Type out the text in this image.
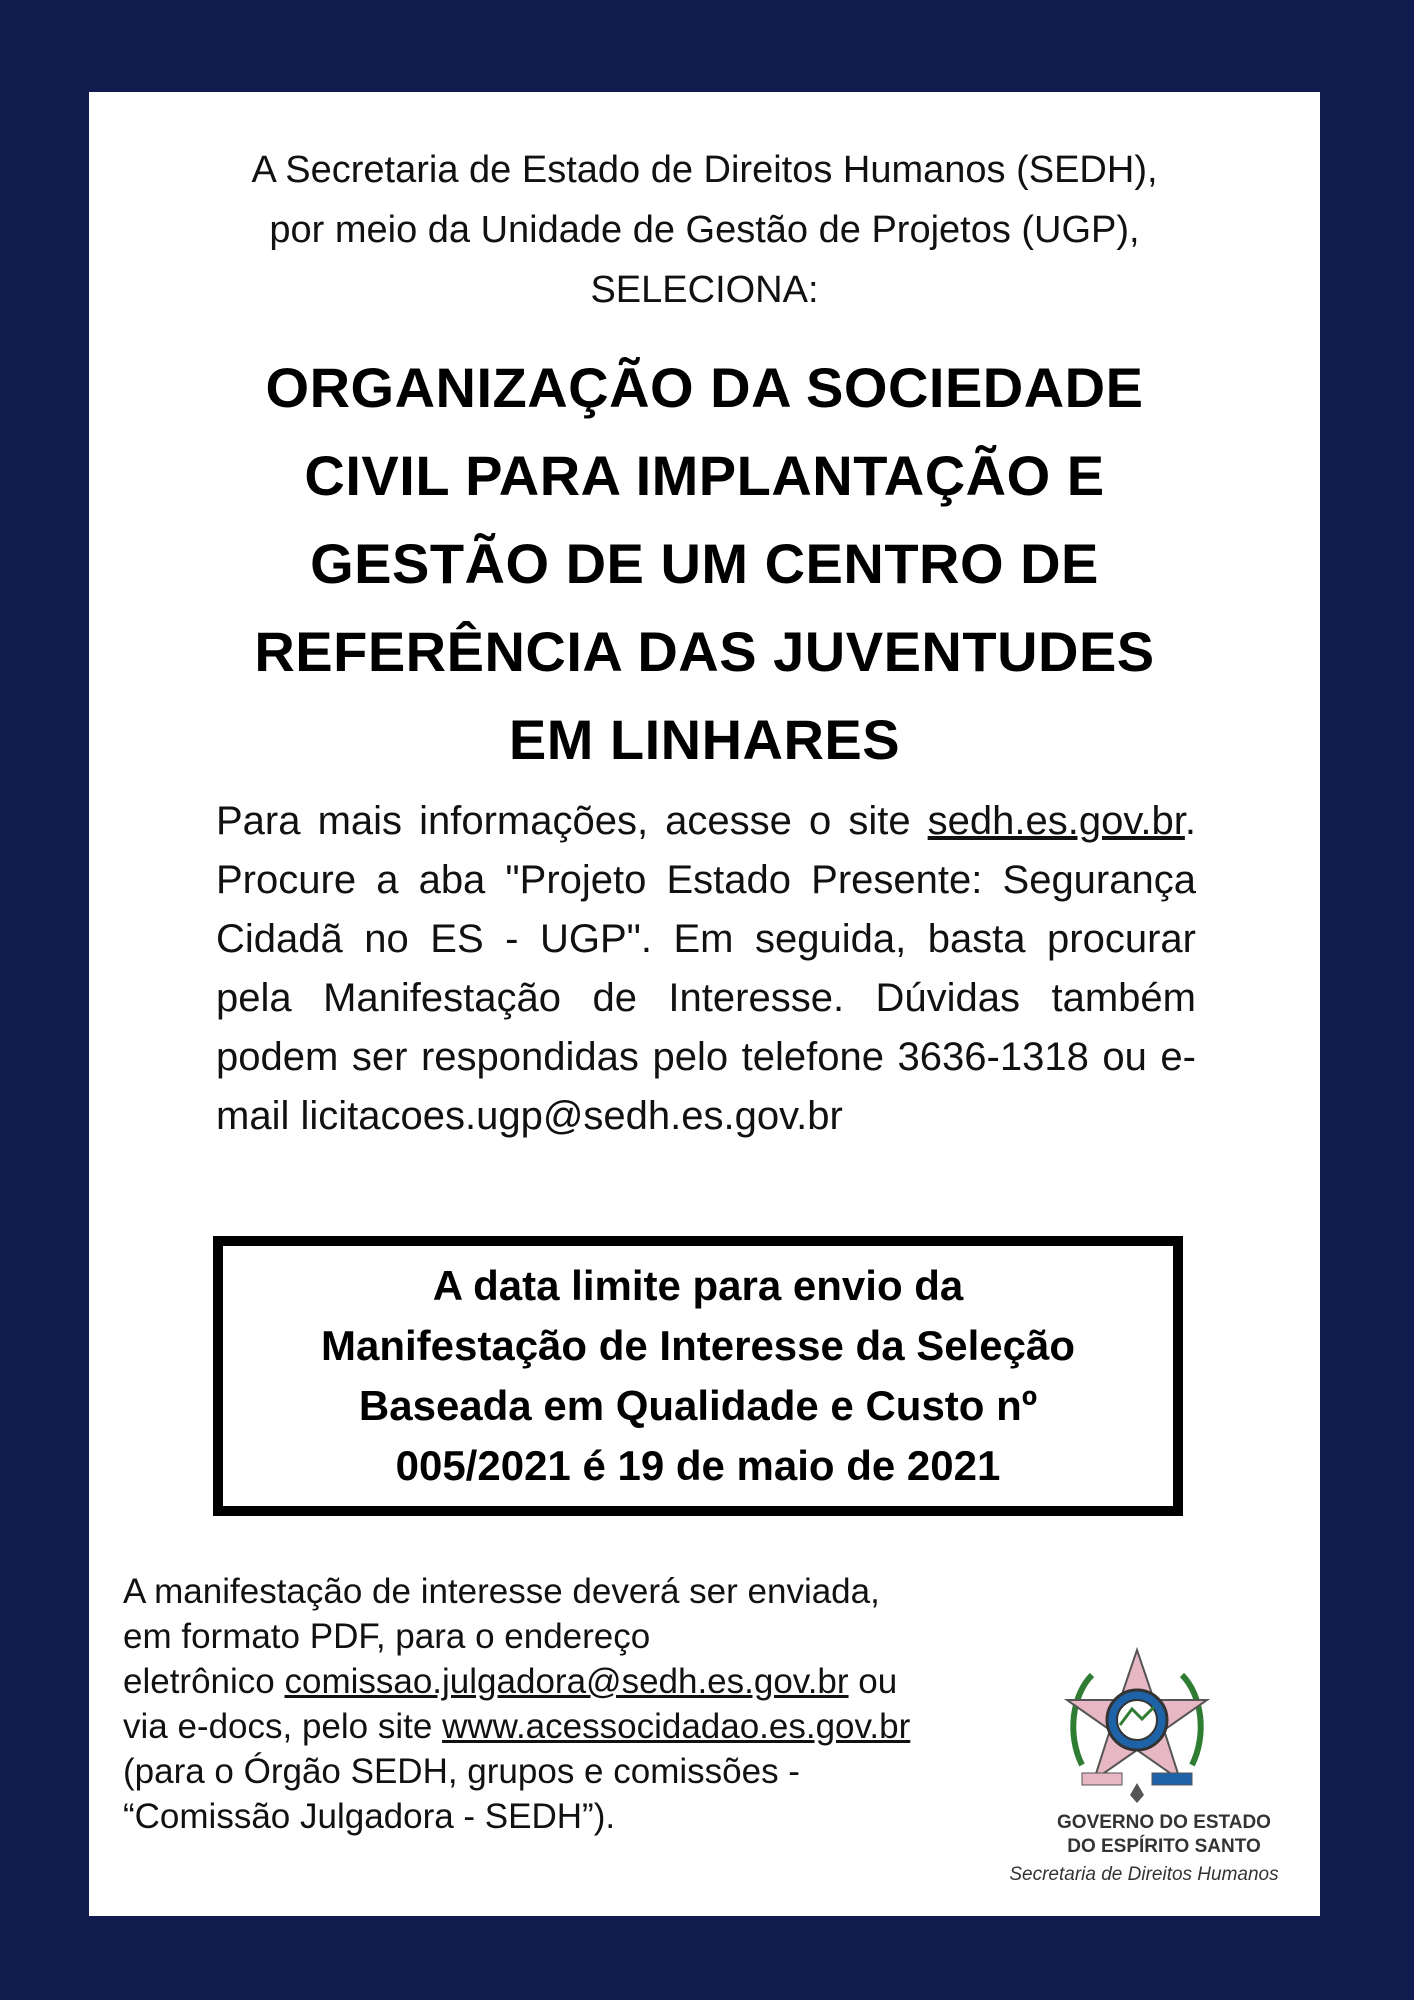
A Secretaria de Estado de Direitos Humanos (SEDH),
por meio da Unidade de Gestão de Projetos (UGP),
SELECIONA:
ORGANIZAÇÃO DA SOCIEDADE
CIVIL PARA IMPLANTAÇÃO E
GESTÃO DE UM CENTRO DE
REFERÊNCIA DAS JUVENTUDES
EM LINHARES
Para mais informações, acesse o site sedh.es.gov.br. Procure a aba "Projeto Estado Presente: Segurança Cidadã no ES - UGP". Em seguida, basta procurar pela Manifestação de Interesse. Dúvidas também podem ser respondidas pelo telefone 3636-1318 ou e-mail licitacoes.ugp@sedh.es.gov.br
A data limite para envio da
Manifestação de Interesse da Seleção
Baseada em Qualidade e Custo nº
005/2021 é 19 de maio de 2021
A manifestação de interesse deverá ser enviada,
em formato PDF, para o endereço
eletrônico comissao.julgadora@sedh.es.gov.br ou
via e-docs, pelo site www.acessocidadao.es.gov.br
(para o Órgão SEDH, grupos e comissões -
“Comissão Julgadora - SEDH”).	GOVERNO DO ESTADO
DO ESPÍRITO SANTO
Secretaria de Direitos Humanos
